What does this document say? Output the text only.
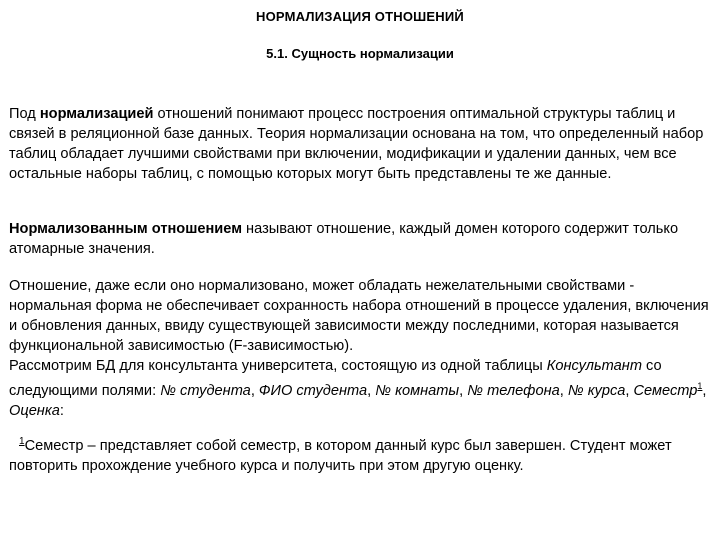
НОРМАЛИЗАЦИЯ ОТНОШЕНИЙ
5.1. Сущность нормализации

Под нормализацией отношений понимают процесс построения оптимальной структуры таблиц и связей в реляционной базе данных. Теория нормализации основана на том, что определенный набор таблиц обладает лучшими свойствами при включении, модификации и удалении данных, чем все остальные наборы таблиц, с помощью которых могут быть представлены те же данные.

Нормализованным отношением называют отношение, каждый домен которого содержит только атомарные значения.

Отношение, даже если оно нормализовано, может обладать нежелательными свойствами - нормальная форма не обеспечивает сохранность набора отношений в процессе удаления, включения и обновления данных, ввиду существующей зависимости между последними, которая называется функциональной зависимостью (F-зависимостью).
Рассмотрим БД для консультанта университета, состоящую из одной таблицы Консультант со следующими полями: № студента, ФИО студента, № комнаты, № телефона, № курса, Семестр$^1$, Оценка:

$^1$Семестр – представляет собой семестр, в котором данный курс был завершен. Студент может повторить прохождение учебного курса и получить при этом другую оценку.
